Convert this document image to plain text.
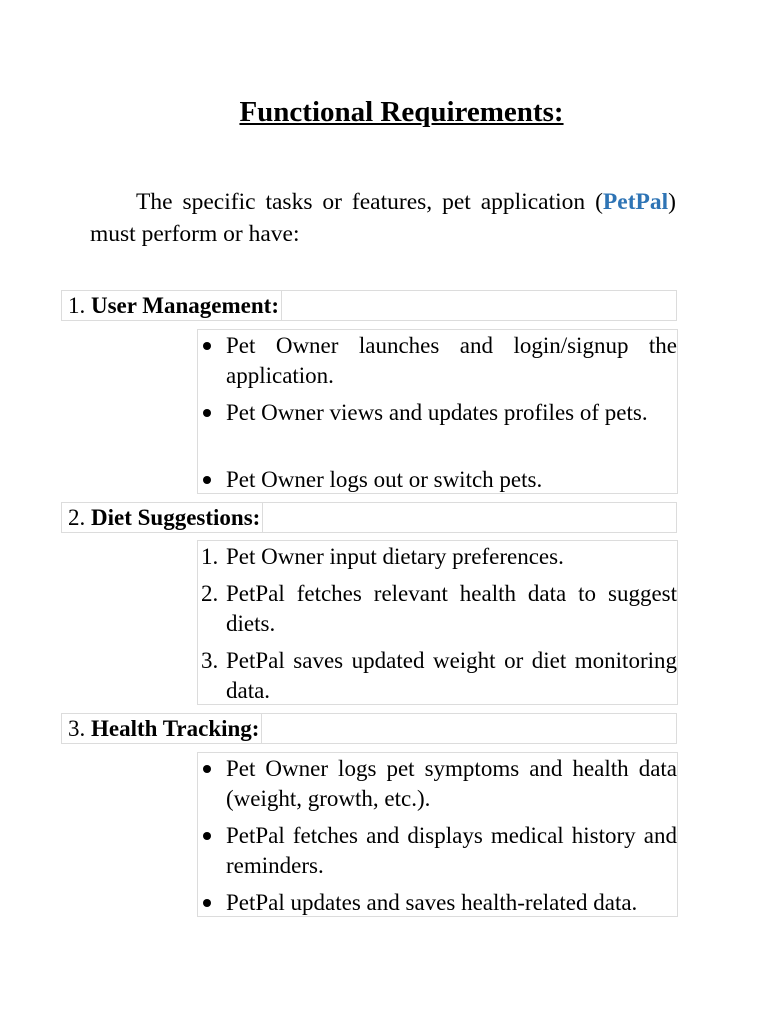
Functional Requirements:

The specific tasks or features, pet application (PetPal) must perform or have:

1. User Management:
Pet Owner launches and login/signup the application.
Pet Owner views and updates profiles of pets.
Pet Owner logs out or switch pets.
2. Diet Suggestions:
1. Pet Owner input dietary preferences.
2. PetPal fetches relevant health data to suggest diets.
3. PetPal saves updated weight or diet monitoring data.
3. Health Tracking:
Pet Owner logs pet symptoms and health data (weight, growth, etc.).
PetPal fetches and displays medical history and reminders.
PetPal updates and saves health-related data.
